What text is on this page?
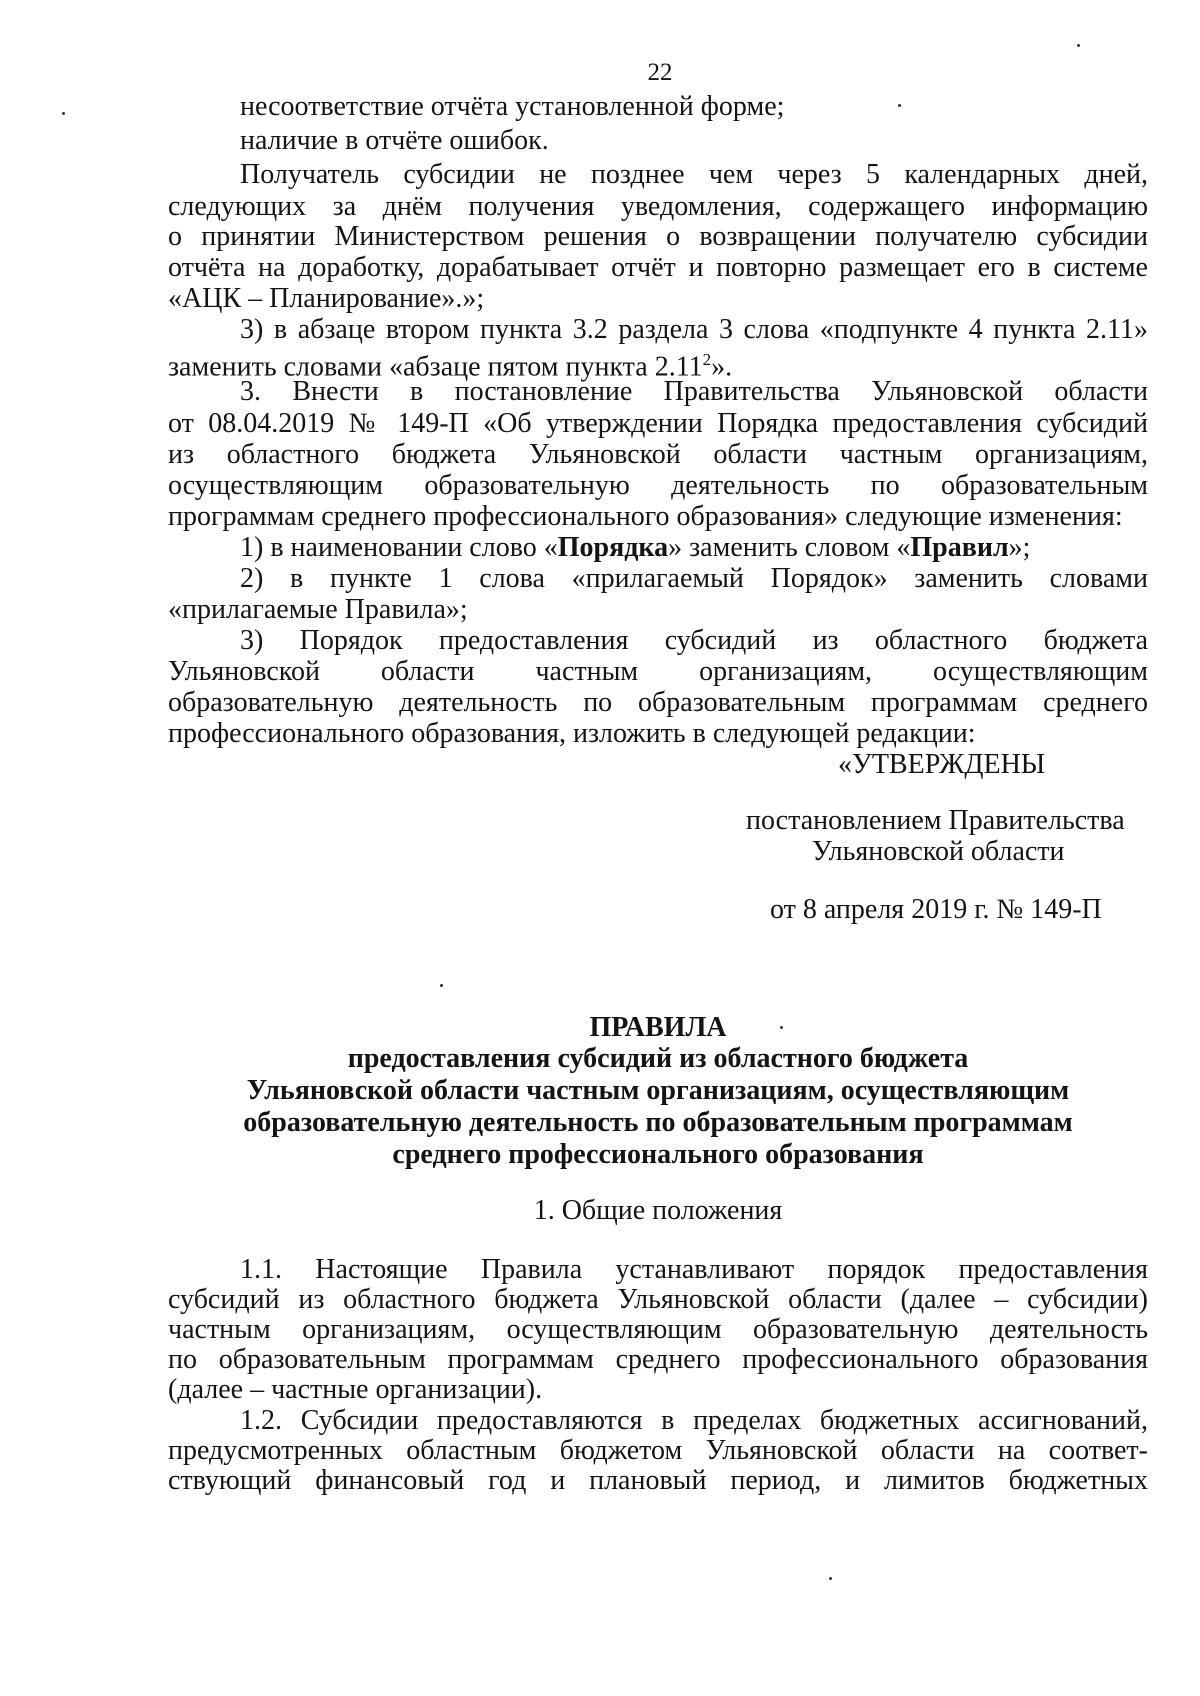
22
несоответствие отчёта установленной форме;
наличие в отчёте ошибок.
Получатель субсидии не позднее чем через 5 календарных дней,
следующих за днём получения уведомления, содержащего информацию
о принятии Министерством решения о возвращении получателю субсидии
отчёта на доработку, дорабатывает отчёт и повторно размещает его в системе
«АЦК – Планирование».»;
3) в абзаце втором пункта 3.2 раздела 3 слова «подпункте 4 пункта 2.11»
заменить словами «абзаце пятом пункта 2.11$^2$».
3. Внести в постановление Правительства Ульяновской области
от 08.04.2019 № 149-П «Об утверждении Порядка предоставления субсидий
из областного бюджета Ульяновской области частным организациям,
осуществляющим образовательную деятельность по образовательным
программам среднего профессионального образования» следующие изменения:
1) в наименовании слово «Порядка» заменить словом «Правил»;
2) в пункте 1 слова «прилагаемый Порядок» заменить словами
«прилагаемые Правила»;
3) Порядок предоставления субсидий из областного бюджета
Ульяновской области частным организациям, осуществляющим
образовательную деятельность по образовательным программам среднего
профессионального образования, изложить в следующей редакции:
«УТВЕРЖДЕНЫ
постановлением Правительства
Ульяновской области
от 8 апреля 2019 г. № 149-П
ПРАВИЛА
предоставления субсидий из областного бюджета
Ульяновской области частным организациям, осуществляющим
образовательную деятельность по образовательным программам
среднего профессионального образования
1. Общие положения
1.1. Настоящие Правила устанавливают порядок предоставления
субсидий из областного бюджета Ульяновской области (далее – субсидии)
частным организациям, осуществляющим образовательную деятельность
по образовательным программам среднего профессионального образования
(далее – частные организации).
1.2. Субсидии предоставляются в пределах бюджетных ассигнований,
предусмотренных областным бюджетом Ульяновской области на соответ-
ствующий финансовый год и плановый период, и лимитов бюджетных
